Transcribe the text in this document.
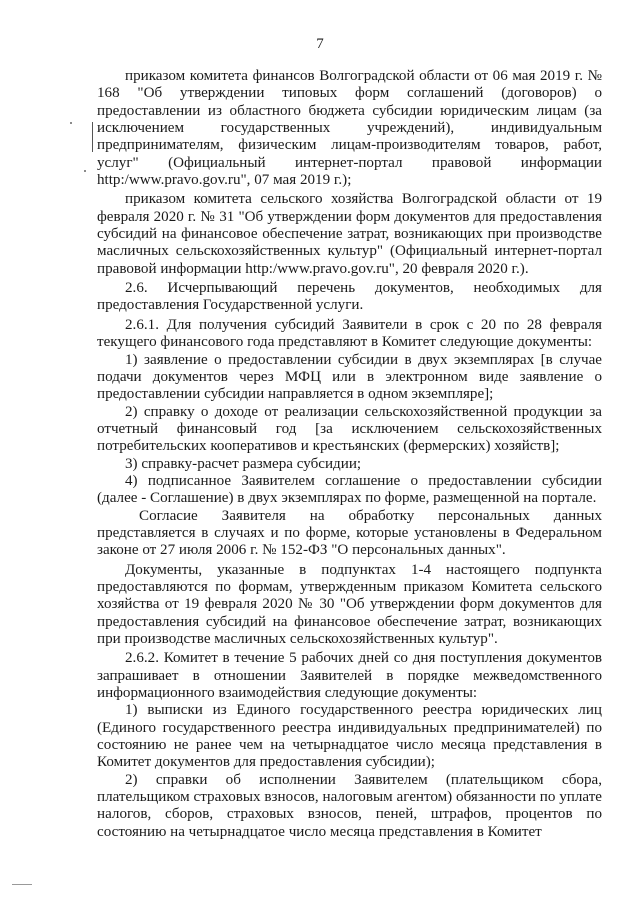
7

приказом комитета финансов Волгоградской области от 06 мая 2019 г. № 168 "Об утверждении типовых форм соглашений (договоров) о предоставлении из областного бюджета субсидии юридическим лицам (за исключением государственных учреждений), индивидуальным предпринимателям, физическим лицам-производителям товаров, работ, услуг" (Официальный интернет-портал правовой информации http:/www.pravo.gov.ru", 07 мая 2019 г.);

приказом комитета сельского хозяйства Волгоградской области от 19 февраля 2020 г. № 31 "Об утверждении форм документов для предоставления субсидий на финансовое обеспечение затрат, возникающих при производстве масличных сельскохозяйственных культур" (Официальный интернет-портал правовой информации http:/www.pravo.gov.ru", 20 февраля 2020 г.).

2.6. Исчерпывающий перечень документов, необходимых для предоставления Государственной услуги.

2.6.1. Для получения субсидий Заявители в срок с 20 по 28 февраля текущего финансового года представляют в Комитет следующие документы:

1) заявление о предоставлении субсидии в двух экземплярах [в случае подачи документов через МФЦ или в электронном виде заявление о предоставлении субсидии направляется в одном экземпляре];

2) справку о доходе от реализации сельскохозяйственной продукции за отчетный финансовый год [за исключением сельскохозяйственных потребительских кооперативов и крестьянских (фермерских) хозяйств];

3) справку-расчет размера субсидии;

4) подписанное Заявителем соглашение о предоставлении субсидии (далее - Соглашение) в двух экземплярах по форме, размещенной на портале.

Согласие Заявителя на обработку персональных данных представляется в случаях и по форме, которые установлены в Федеральном законе от 27 июля 2006 г. № 152-ФЗ "О персональных данных".

Документы, указанные в подпунктах 1-4 настоящего подпункта предоставляются по формам, утвержденным приказом Комитета сельского хозяйства от 19 февраля 2020 № 30 "Об утверждении форм документов для предоставления субсидий на финансовое обеспечение затрат, возникающих при производстве масличных сельскохозяйственных культур".

2.6.2. Комитет в течение 5 рабочих дней со дня поступления документов запрашивает в отношении Заявителей в порядке межведомственного информационного взаимодействия следующие документы:

1) выписки из Единого государственного реестра юридических лиц (Единого государственного реестра индивидуальных предпринимателей) по состоянию не ранее чем на четырнадцатое число месяца представления в Комитет документов для предоставления субсидии);

2) справки об исполнении Заявителем (плательщиком сбора, плательщиком страховых взносов, налоговым агентом) обязанности по уплате налогов, сборов, страховых взносов, пеней, штрафов, процентов по состоянию на четырнадцатое число месяца представления в Комитет
